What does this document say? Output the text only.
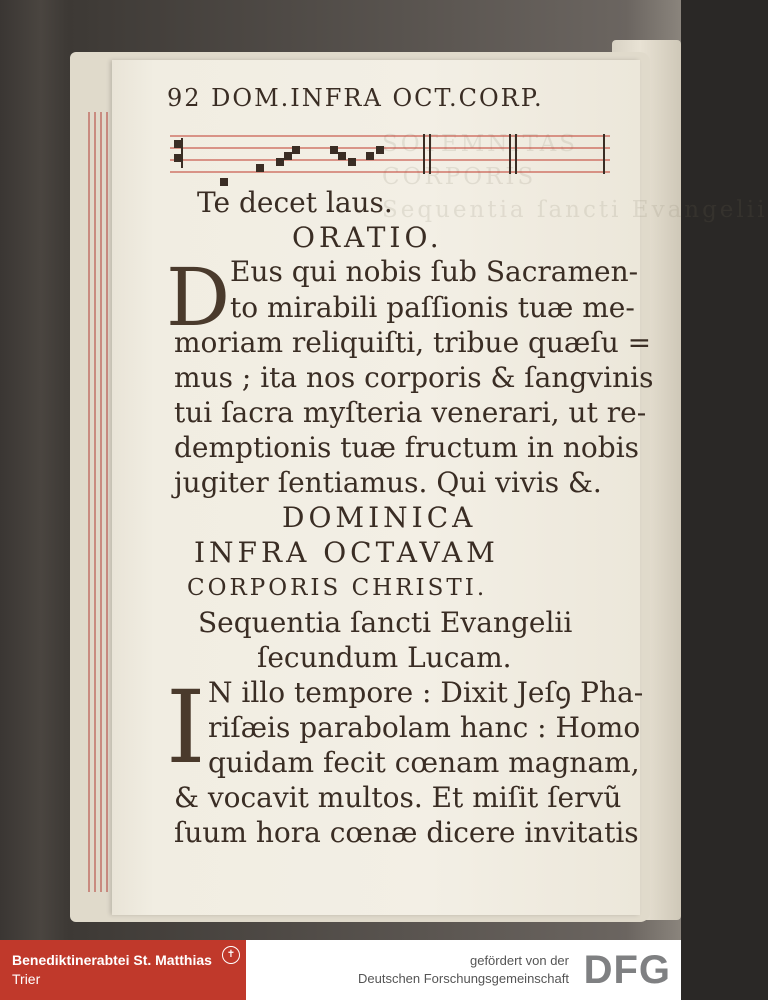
SOTEMNITAS
CORPORIS
Sequentia ſancti Evangelii
92 DOM.INFRA OCT.CORP.
Te decet laus.
ORATIO.
D Eus qui nobis ſub Sacramen-
to mirabili paſſionis tuæ me-
moriam reliquiſti, tribue quæſu =
mus ; ita nos corporis & ſangvinis
tui ſacra myſteria venerari, ut re-
demptionis tuæ fructum in nobis
jugiter ſentiamus. Qui vivis &.
DOMINICA
INFRA OCTAVAM
CORPORIS CHRISTI.
Sequentia ſancti Evangelii
ſecundum Lucam.
I N illo tempore : Dixit Jeſꝯ Pha-
riſæis parabolam hanc : Homo
quidam fecit cœnam magnam,
& vocavit multos. Et miſit ſervũ
ſuum hora cœnæ dicere invitatis
Benediktinerabtei St. Matthias
Trier
✝	gefördert von der
Deutschen Forschungsgemeinschaft DFG
